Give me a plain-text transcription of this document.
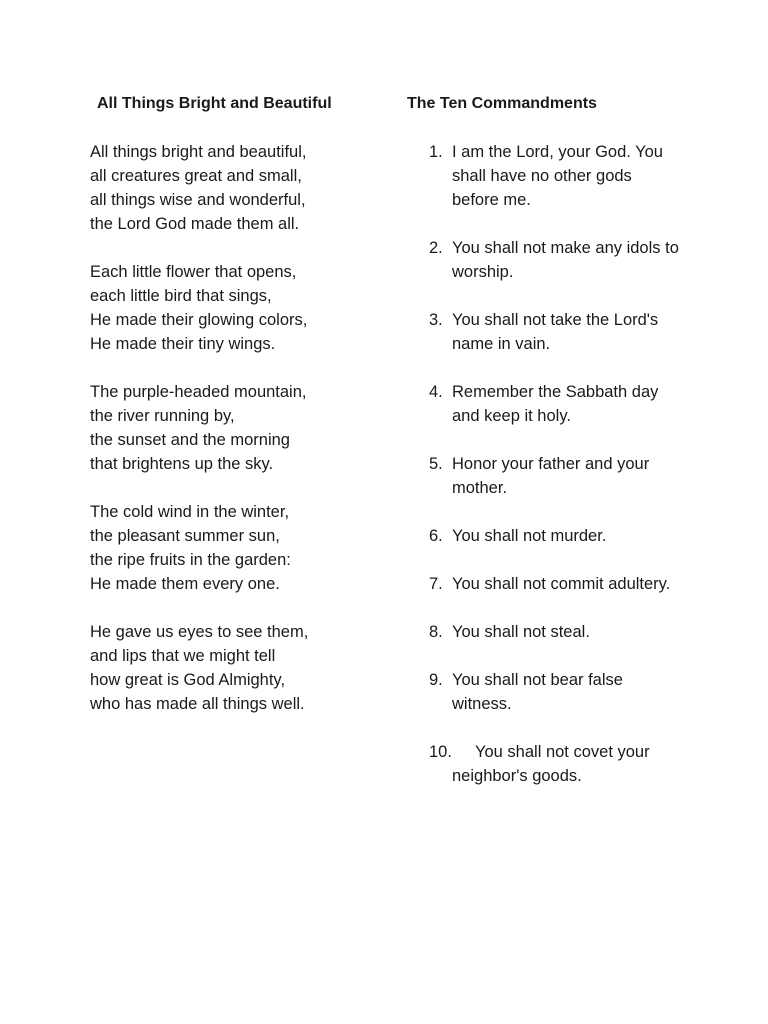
All Things Bright and Beautiful
All things bright and beautiful,
all creatures great and small,
all things wise and wonderful,
the Lord God made them all.
Each little flower that opens,
each little bird that sings,
He made their glowing colors,
He made their tiny wings.
The purple-headed mountain,
the river running by,
the sunset and the morning
that brightens up the sky.
The cold wind in the winter,
the pleasant summer sun,
the ripe fruits in the garden:
He made them every one.
He gave us eyes to see them,
and lips that we might tell
how great is God Almighty,
who has made all things well.
The Ten Commandments
1. I am the Lord, your God. You shall have no other gods before me.
2. You shall not make any idols to worship.
3. You shall not take the Lord's name in vain.
4. Remember the Sabbath day and keep it holy.
5. Honor your father and your mother.
6. You shall not murder.
7. You shall not commit adultery.
8. You shall not steal.
9. You shall not bear false witness.
10.	You shall not covet your neighbor's goods.
